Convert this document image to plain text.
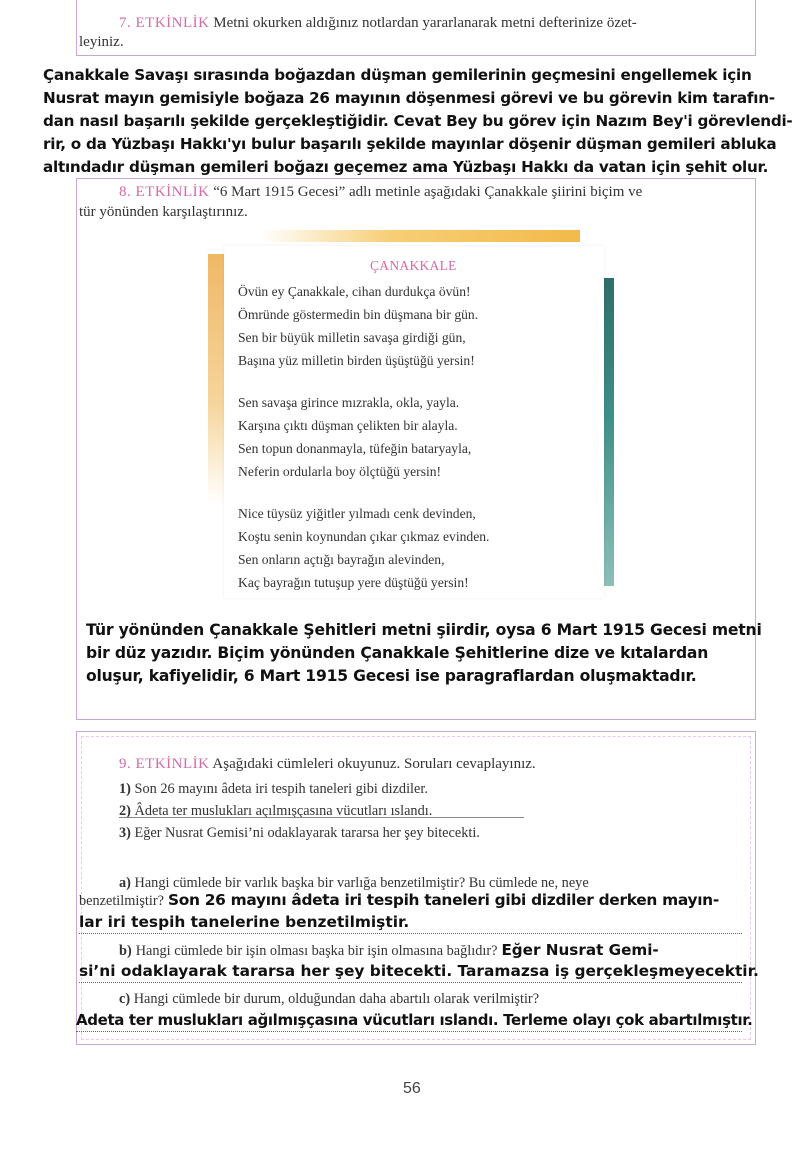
7. ETKİNLİK Metni okurken aldığınız notlardan yararlanarak metni defterinize özet-
leyiniz.
Çanakkale Savaşı sırasında boğazdan düşman gemilerinin geçmesini engellemek için
Nusrat mayın gemisiyle boğaza 26 mayının döşenmesi görevi ve bu görevin kim tarafın-
dan nasıl başarılı şekilde gerçekleştiğidir. Cevat Bey bu görev için Nazım Bey'i görevlendi-
rir, o da Yüzbaşı Hakkı'yı bulur başarılı şekilde mayınlar döşenir düşman gemileri abluka
altındadır düşman gemileri boğazı geçemez ama Yüzbaşı Hakkı da vatan için şehit olur.
8. ETKİNLİK “6 Mart 1915 Gecesi” adlı metinle aşağıdaki Çanakkale şiirini biçim ve
tür yönünden karşılaştırınız.
ÇANAKKALE
Övün ey Çanakkale, cihan durdukça övün!
Ömründe göstermedin bin düşmana bir gün.
Sen bir büyük milletin savaşa girdiği gün,
Başına yüz milletin birden üşüştüğü yersin!
Sen savaşa girince mızrakla, okla, yayla.
Karşına çıktı düşman çelikten bir alayla.
Sen topun donanmayla, tüfeğin bataryayla,
Neferin ordularla boy ölçtüğü yersin!
Nice tüysüz yiğitler yılmadı cenk devinden,
Koştu senin koynundan çıkar çıkmaz evinden.
Sen onların açtığı bayrağın alevinden,
Kaç bayrağın tutuşup yere düştüğü yersin!
Tür yönünden Çanakkale Şehitleri metni şiirdir, oysa 6 Mart 1915 Gecesi metni
bir düz yazıdır. Biçim yönünden Çanakkale Şehitlerine dize ve kıtalardan
oluşur, kafiyelidir, 6 Mart 1915 Gecesi ise paragraflardan oluşmaktadır.
9. ETKİNLİK Aşağıdaki cümleleri okuyunuz. Soruları cevaplayınız.
1) Son 26 mayını âdeta iri tespih taneleri gibi dizdiler.
2) Âdeta ter muslukları açılmışçasına vücutları ıslandı.
3) Eğer Nusrat Gemisi’ni odaklayarak tararsa her şey bitecekti.
a) Hangi cümlede bir varlık başka bir varlığa benzetilmiştir? Bu cümlede ne, neye
benzetilmiştir? Son 26 mayını âdeta iri tespih taneleri gibi dizdiler derken mayın-
lar iri tespih tanelerine benzetilmiştir.
b) Hangi cümlede bir işin olması başka bir işin olmasına bağlıdır? Eğer Nusrat Gemi-
si’ni odaklayarak tararsa her şey bitecekti. Taramazsa iş gerçekleşmeyecektir.
c) Hangi cümlede bir durum, olduğundan daha abartılı olarak verilmiştir?
Adeta ter muslukları ağılmışçasına vücutları ıslandı. Terleme olayı çok abartılmıştır.
56
